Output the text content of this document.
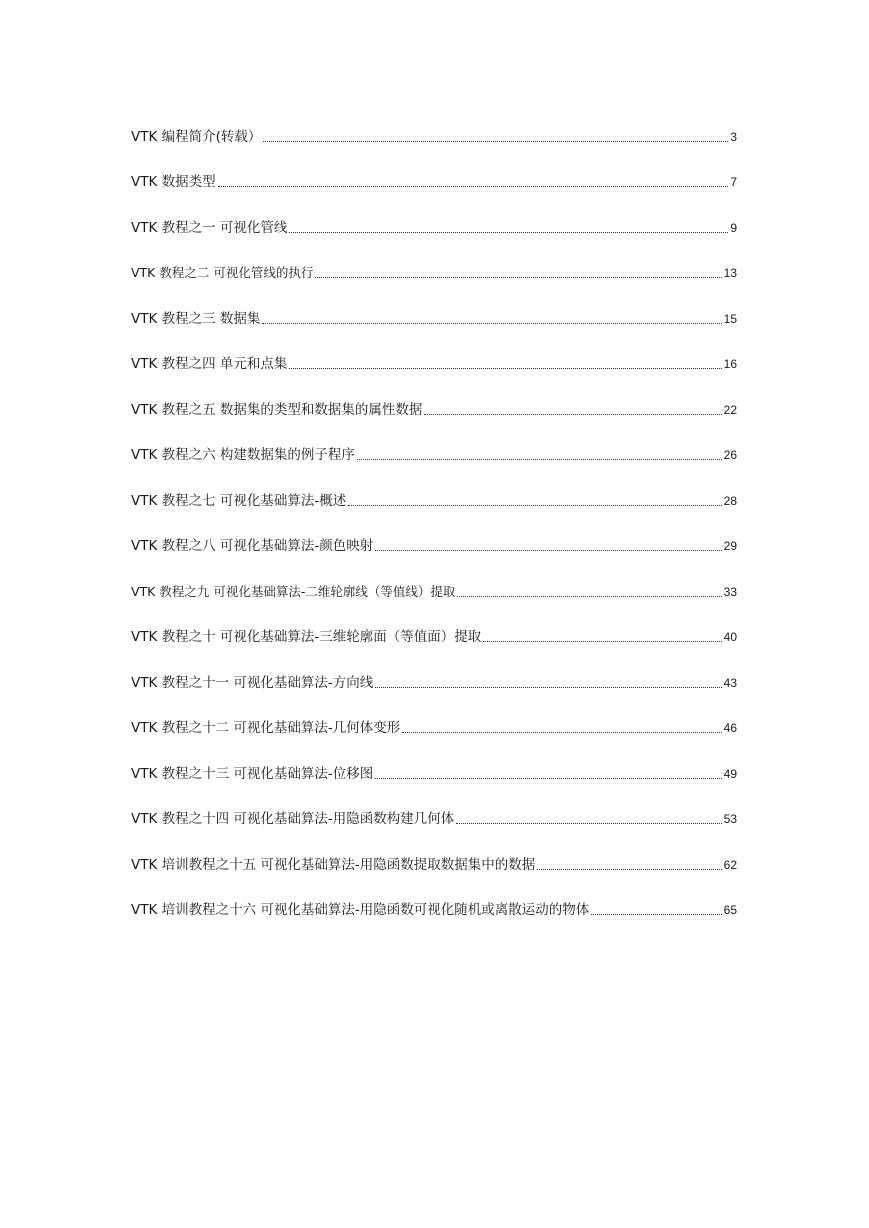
VTK 编程简介(转载）	3
VTK 数据类型	7
VTK 教程之一 可视化管线	9
VTK 教程之二 可视化管线的执行	13
VTK 教程之三 数据集	15
VTK 教程之四 单元和点集	16
VTK 教程之五 数据集的类型和数据集的属性数据	22
VTK 教程之六 构建数据集的例子程序	26
VTK 教程之七 可视化基础算法-概述	28
VTK 教程之八 可视化基础算法-颜色映射	29
VTK 教程之九 可视化基础算法-二维轮廓线（等值线）提取	33
VTK 教程之十 可视化基础算法-三维轮廓面（等值面）提取	40
VTK 教程之十一 可视化基础算法-方向线	43
VTK 教程之十二 可视化基础算法-几何体变形	46
VTK 教程之十三 可视化基础算法-位移图	49
VTK 教程之十四 可视化基础算法-用隐函数构建几何体	53
VTK 培训教程之十五 可视化基础算法-用隐函数提取数据集中的数据	62
VTK 培训教程之十六 可视化基础算法-用隐函数可视化随机或离散运动的物体	65
